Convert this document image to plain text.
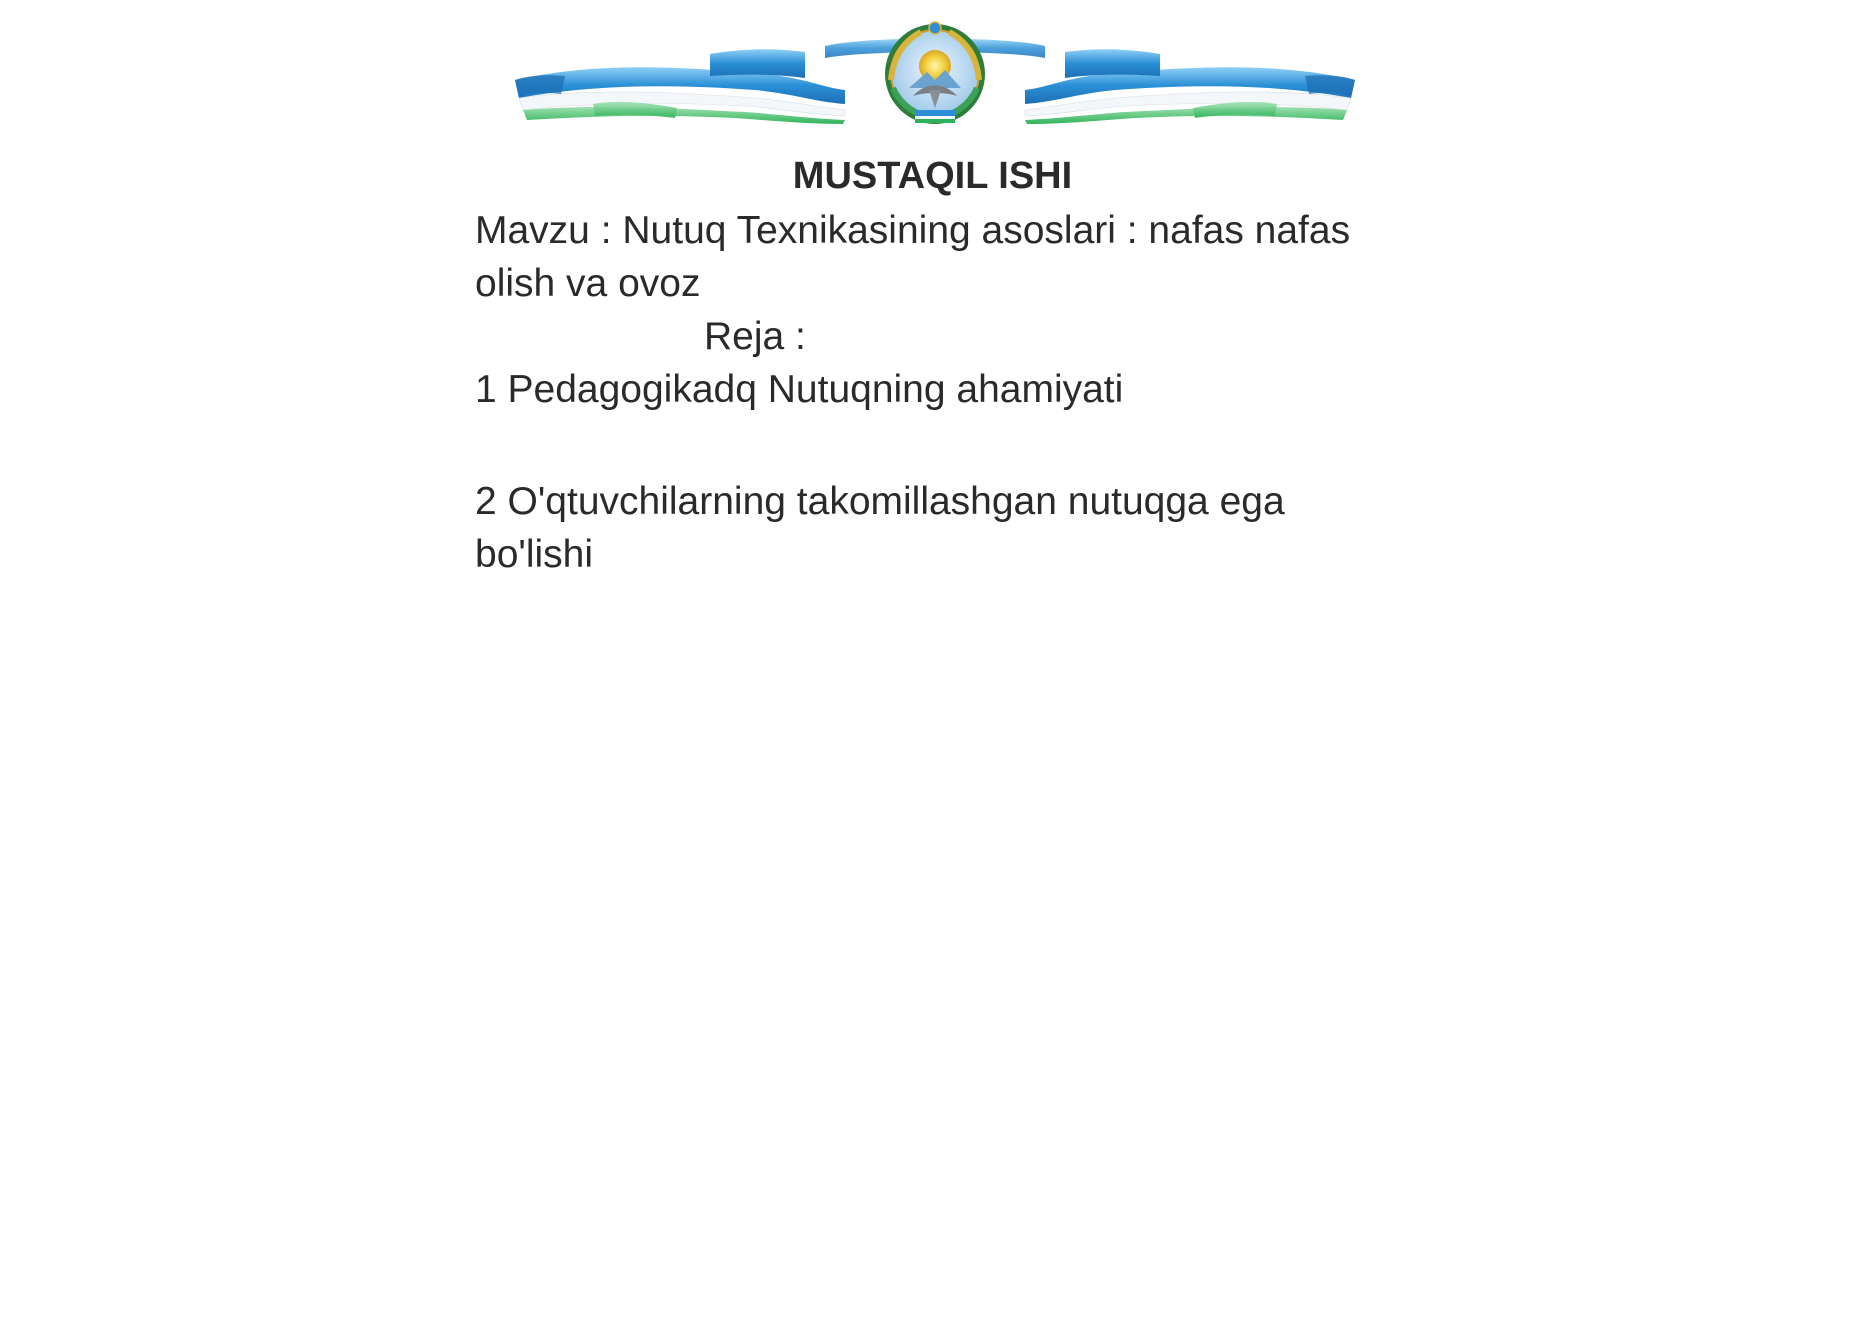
MUSTAQIL ISHI

Mavzu : Nutuq Texnikasining asoslari : nafas nafas olish va ovoz

Reja :

1 Pedagogikadq Nutuqning ahamiyati

2 O'qtuvchilarning takomillashgan nutuqga ega bo'lishi
